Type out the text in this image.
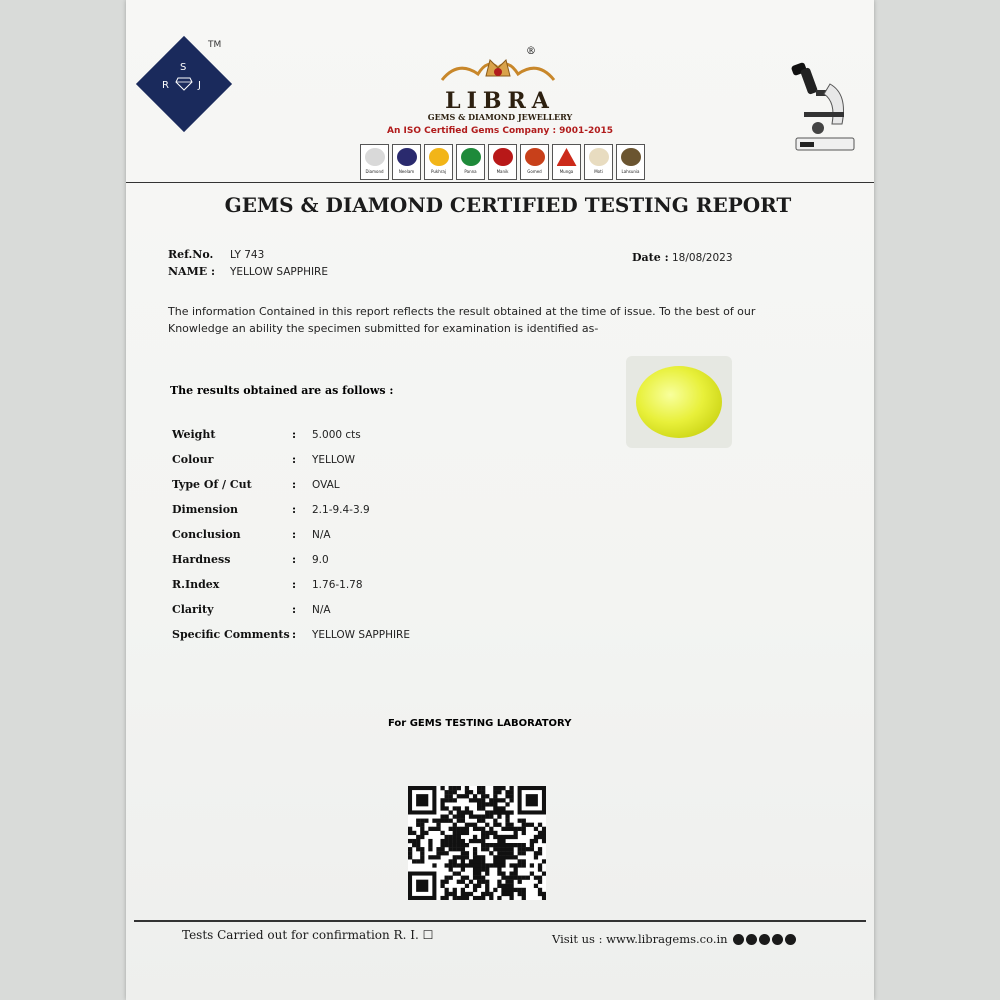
S
R	J
TM
®
LIBRA
GEMS & DIAMOND JEWELLERY
An ISO Certified Gems Company : 9001-2015
Diamond	Neelam	Pukhraj	Panna	Manik	Gomed	Munga	Moti	Lahsunia
GEMS & DIAMOND CERTIFIED TESTING REPORT
Ref.No. LY 743
NAME : YELLOW SAPPHIRE
Date : 18/08/2023
The information Contained in this report reflects the result obtained at the time of issue. To the best of our
Knowledge an ability the specimen submitted for examination is identified as-
The results obtained are as follows :
Weight	: 5.000 cts
Colour	: YELLOW
Type Of / Cut	: OVAL
Dimension	: 2.1-9.4-3.9
Conclusion	: N/A
Hardness	: 9.0
R.Index	: 1.76-1.78
Clarity	: N/A
Specific Comments : YELLOW SAPPHIRE
For GEMS TESTING LABORATORY
Tests Carried out for confirmation R. I. ☐	Visit us : www.libragems.co.in
